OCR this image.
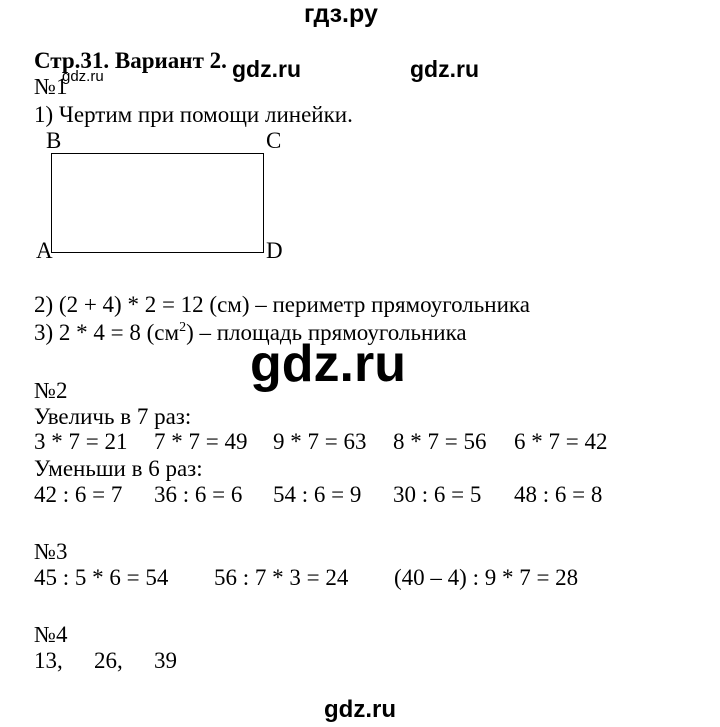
гдз.ру
Стр.31. Вариант 2. gdz.ru	gdz.ru
№1
gdz.ru
1) Чертим при помощи линейки.
B	C
A	D
2) (2 + 4) * 2 = 12 (см) – периметр прямоугольника
3) 2 * 4 = 8 $(см^2)$ – площадь прямоугольника
gdz.ru
№2
Увеличь в 7 раз:
3 * 7 = 21 7 * 7 = 49 9 * 7 = 63 8 * 7 = 56 6 * 7 = 42
Уменьши в 6 раз:
42 : 6 = 7 36 : 6 = 6 54 : 6 = 9 30 : 6 = 5 48 : 6 = 8
№3
45 : 5 * 6 = 54 56 : 7 * 3 = 24 (40 – 4) : 9 * 7 = 28
№4
13, 26, 39
gdz.ru
